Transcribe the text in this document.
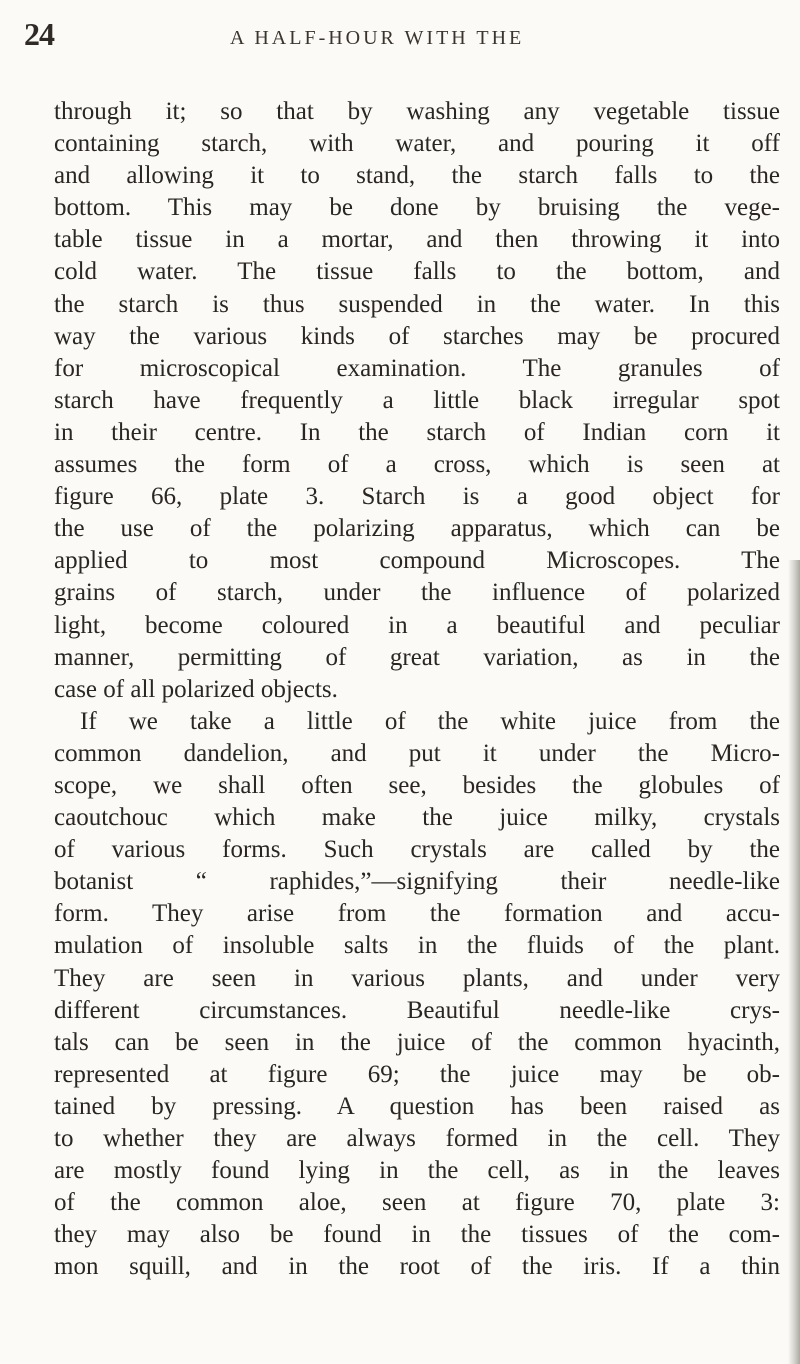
24	A HALF-HOUR WITH THE
through it; so that by washing any vegetable tissue
containing starch, with water, and pouring it off
and allowing it to stand, the starch falls to the
bottom. This may be done by bruising the vege-
table tissue in a mortar, and then throwing it into
cold water. The tissue falls to the bottom, and
the starch is thus suspended in the water. In this
way the various kinds of starches may be procured
for microscopical examination. The granules of
starch have frequently a little black irregular spot
in their centre. In the starch of Indian corn it
assumes the form of a cross, which is seen at
figure 66, plate 3. Starch is a good object for
the use of the polarizing apparatus, which can be
applied to most compound Microscopes. The
grains of starch, under the influence of polarized
light, become coloured in a beautiful and peculiar
manner, permitting of great variation, as in the
case of all polarized objects.
If we take a little of the white juice from the
common dandelion, and put it under the Micro-
scope, we shall often see, besides the globules of
caoutchouc which make the juice milky, crystals
of various forms. Such crystals are called by the
botanist “ raphides,”—signifying their needle-like
form. They arise from the formation and accu-
mulation of insoluble salts in the fluids of the plant.
They are seen in various plants, and under very
different circumstances. Beautiful needle-like crys-
tals can be seen in the juice of the common hyacinth,
represented at figure 69; the juice may be ob-
tained by pressing. A question has been raised as
to whether they are always formed in the cell. They
are mostly found lying in the cell, as in the leaves
of the common aloe, seen at figure 70, plate 3:
they may also be found in the tissues of the com-
mon squill, and in the root of the iris. If a thin
